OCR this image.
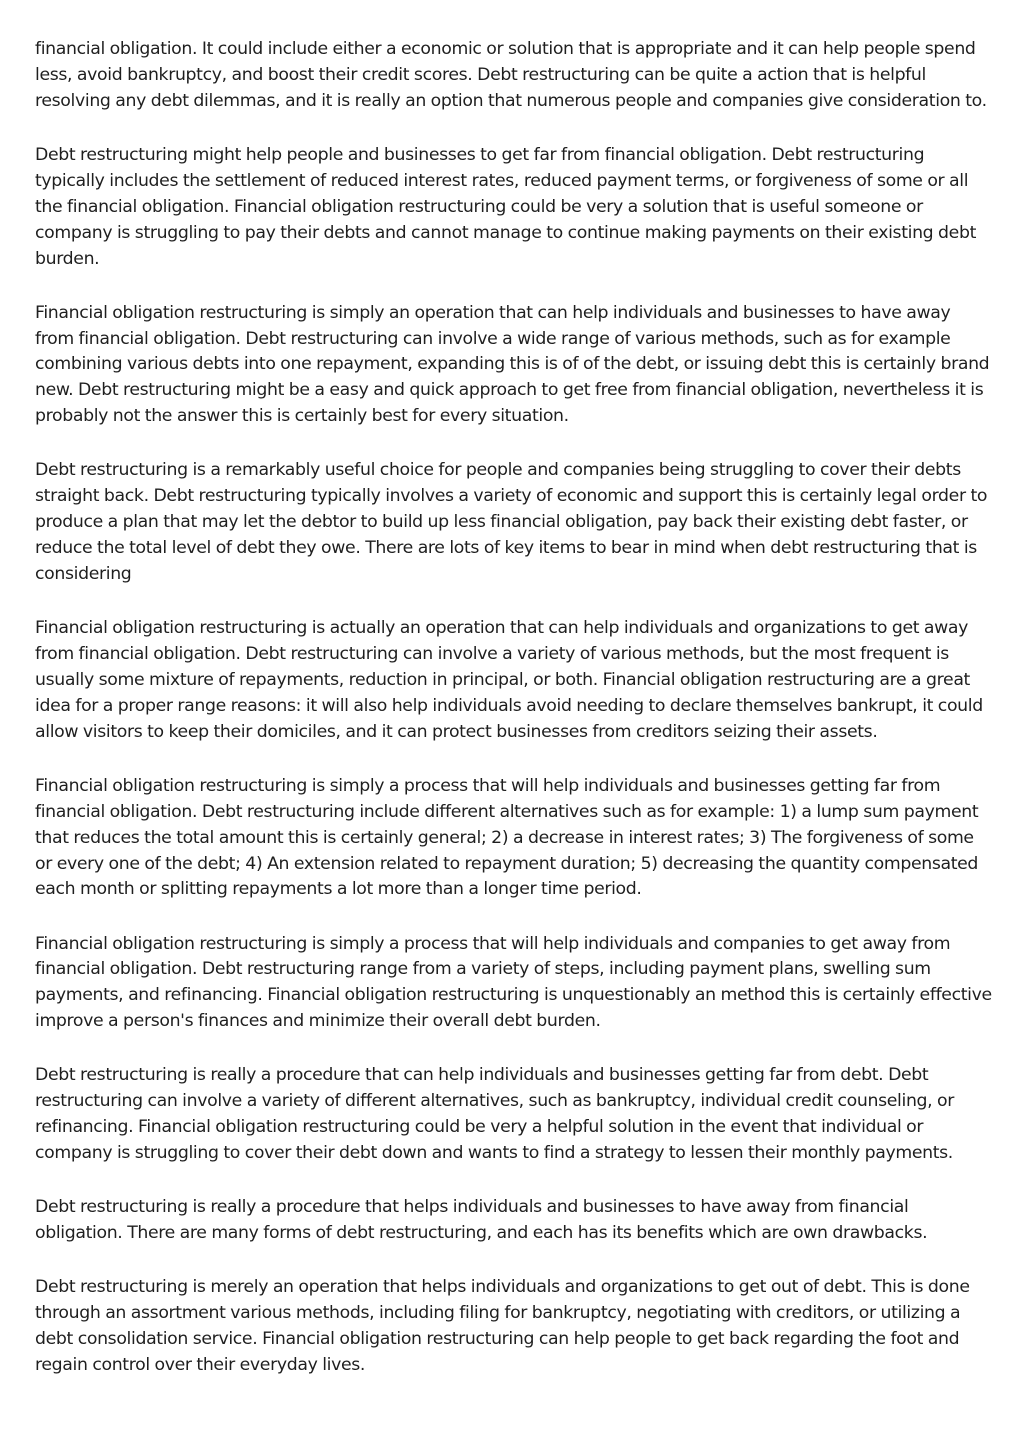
financial obligation. It could include either a economic or solution that is appropriate and it can help people spend less, avoid bankruptcy, and boost their credit scores. Debt restructuring can be quite a action that is helpful resolving any debt dilemmas, and it is really an option that numerous people and companies give consideration to.

Debt restructuring might help people and businesses to get far from financial obligation. Debt restructuring typically includes the settlement of reduced interest rates, reduced payment terms, or forgiveness of some or all the financial obligation. Financial obligation restructuring could be very a solution that is useful someone or company is struggling to pay their debts and cannot manage to continue making payments on their existing debt burden.

Financial obligation restructuring is simply an operation that can help individuals and businesses to have away from financial obligation. Debt restructuring can involve a wide range of various methods, such as for example combining various debts into one repayment, expanding this is of of the debt, or issuing debt this is certainly brand new. Debt restructuring might be a easy and quick approach to get free from financial obligation, nevertheless it is probably not the answer this is certainly best for every situation.

Debt restructuring is a remarkably useful choice for people and companies being struggling to cover their debts straight back. Debt restructuring typically involves a variety of economic and support this is certainly legal order to produce a plan that may let the debtor to build up less financial obligation, pay back their existing debt faster, or reduce the total level of debt they owe. There are lots of key items to bear in mind when debt restructuring that is considering

Financial obligation restructuring is actually an operation that can help individuals and organizations to get away from financial obligation. Debt restructuring can involve a variety of various methods, but the most frequent is usually some mixture of repayments, reduction in principal, or both. Financial obligation restructuring are a great idea for a proper range reasons: it will also help individuals avoid needing to declare themselves bankrupt, it could allow visitors to keep their domiciles, and it can protect businesses from creditors seizing their assets.

Financial obligation restructuring is simply a process that will help individuals and businesses getting far from financial obligation. Debt restructuring include different alternatives such as for example: 1) a lump sum payment that reduces the total amount this is certainly general; 2) a decrease in interest rates; 3) The forgiveness of some or every one of the debt; 4) An extension related to repayment duration; 5) decreasing the quantity compensated each month or splitting repayments a lot more than a longer time period.

Financial obligation restructuring is simply a process that will help individuals and companies to get away from financial obligation. Debt restructuring range from a variety of steps, including payment plans, swelling sum payments, and refinancing. Financial obligation restructuring is unquestionably an method this is certainly effective improve a person's finances and minimize their overall debt burden.

Debt restructuring is really a procedure that can help individuals and businesses getting far from debt. Debt restructuring can involve a variety of different alternatives, such as bankruptcy, individual credit counseling, or refinancing. Financial obligation restructuring could be very a helpful solution in the event that individual or company is struggling to cover their debt down and wants to find a strategy to lessen their monthly payments.

Debt restructuring is really a procedure that helps individuals and businesses to have away from financial obligation. There are many forms of debt restructuring, and each has its benefits which are own drawbacks.

Debt restructuring is merely an operation that helps individuals and organizations to get out of debt. This is done through an assortment various methods, including filing for bankruptcy, negotiating with creditors, or utilizing a debt consolidation service. Financial obligation restructuring can help people to get back regarding the foot and regain control over their everyday lives.
